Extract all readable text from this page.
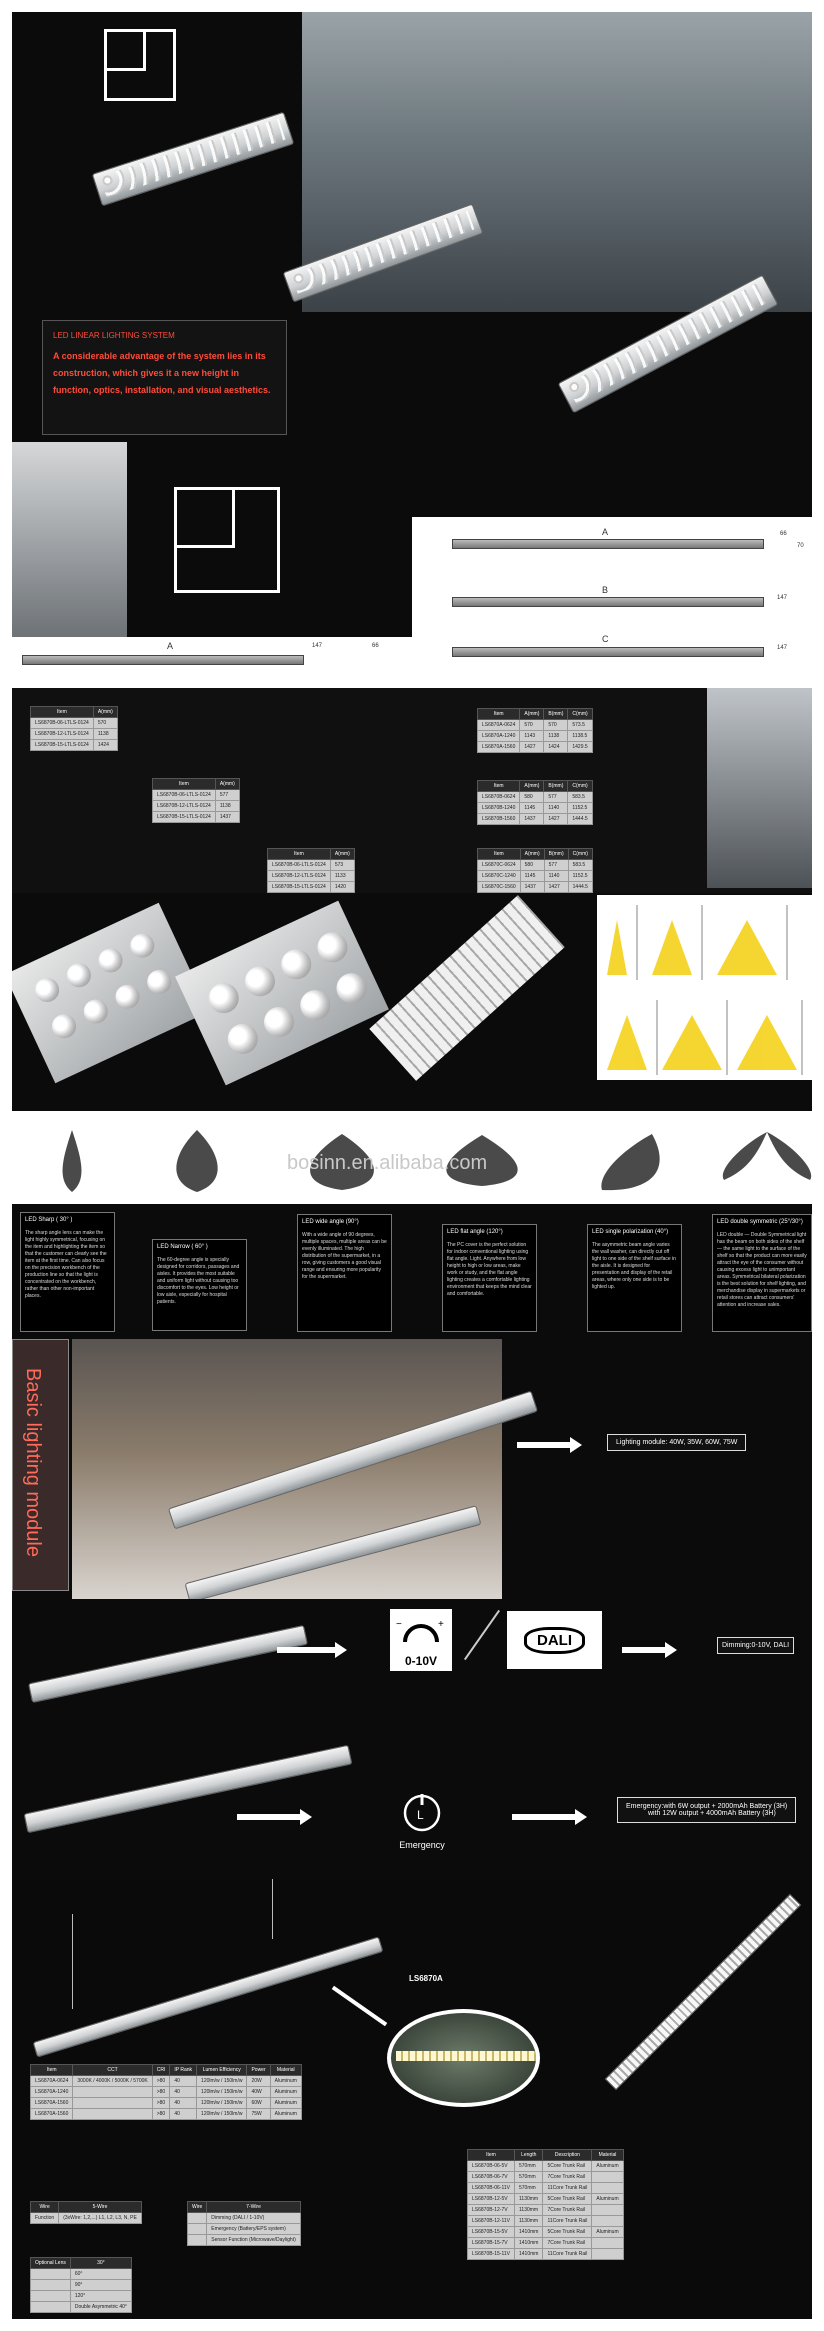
LED LINEAR LIGHTING SYSTEM
A considerable advantage of the system lies in its construction, which gives it a new height in function, optics, installation, and visual aesthetics.
A	66
147
A	66
70
B
147
C
147
Item	A(mm)
LS6870B-06-LTLS-0124	570
LS6870B-12-LTLS-0124	1138
LS6870B-15-LTLS-0124	1424
Item	A(mm)
LS6870B-06-LTLS-0124	577
LS6870B-12-LTLS-0124	1138
LS6870B-15-LTLS-0124	1437
Item	A(mm)
LS6870B-06-LTLS-0124	573
LS6870B-12-LTLS-0124	1133
LS6870B-15-LTLS-0124	1420
Item	A(mm)	B(mm)	C(mm)
LS6870A-0624	570	570	573.5
LS6870A-1240	1143	1138	1138.5
LS6870A-1560	1427	1424	1429.5
Item	A(mm)	B(mm)	C(mm)
LS6870B-0624	580	577	583.5
LS6870B-1240	1145	1140	1152.5
LS6870B-1560	1437	1427	1444.5
Item	A(mm)	B(mm)	C(mm)
LS6870C-0624	580	577	583.5
LS6870C-1240	1145	1140	1152.5
LS6870C-1560	1437	1427	1444.5
bosinn.en.alibaba.com
LED Sharp ( 30° )
The sharp angle lens can make the light highly symmetrical, focusing on the item and highlighting the item so that the customer can clearly see the item at the first time. Can also focus on the precision workbench of the production line so that the light is concentrated on the workbench, rather than other non-important places.
LED Narrow ( 60° )
The 60-degree angle is specially designed for corridors, passages and aisles. It provides the most suitable and uniform light without causing too discomfort to the eyes. Low height or low aisle, especially for hospital patients.
LED wide angle (90°)
With a wide angle of 90 degrees, multiple spaces, multiple areas can be evenly illuminated. The high distribution of the supermarket, in a row, giving customers a good visual range and ensuring more popularity for the supermarket.
LED flat angle (120°)
The PC cover is the perfect solution for indoor conventional lighting using flat angle. Light. Anywhere from low height to high or low areas, make work or study, and the flat angle lighting creates a comfortable lighting environment that keeps the mind clear and comfortable.
LED single polarization (40°)
The asymmetric beam angle varies the wall washer, can directly cut off light to one side of the shelf surface in the aisle. It is designed for presentation and display of the retail areas, where only one side is to be lighted up.
LED double symmetric (25°/30°)
LED double — Double Symmetrical light has the beam on both sides of the shelf — the same light to the surface of the shelf so that the product can more easily attract the eye of the consumer without causing excess light to unimportant areas. Symmetrical bilateral polarization is the best solution for shelf lighting, and merchandise display in supermarkets or retail stores can attract consumers' attention and increase sales.
Basic lighting module	Lighting module: 40W, 35W, 60W, 75W
−	+
0-10V
DALI	Dimming:0-10V, DALI
L
Emergency
Emergency:with 6W output + 2000mAh Battery (3H)
with 12W output + 4000mAh Battery (3H)
LS6870A
Item	CCT	CRI	IP Rank	Lumen Efficiency	Power	Material
LS6870A-0624	3000K / 4000K / 5000K / 5700K	>80	40	120lm/w / 150lm/w	20W	Aluminum
LS6870A-1240		>80	40	120lm/w / 150lm/w	40W	Aluminum
LS6870A-1560		>80	40	120lm/w / 150lm/w	60W	Aluminum
LS6870A-1560		>80	40	120lm/w / 150lm/w	75W	Aluminum
Wire	5-Wire
Function	(3xWire: 1,2,...) L1, L2, L3, N, PE
Wire	7-Wire
	Dimming (DALI / 1-10V)
	Emergency (Battery/EPS system)
	Sensor Function (Microwave/Daylight)
Optional Lens	30°
	60°
	90°
	120°
	Double Asymmetric 40°
Item	Length	Description	Material
LS6870B-06-5V	570mm	5Core Trunk Rail	Aluminum
LS6870B-06-7V	570mm	7Core Trunk Rail	
LS6870B-06-11V	570mm	11Core Trunk Rail	
LS6870B-12-5V	1130mm	5Core Trunk Rail	Aluminum
LS6870B-12-7V	1130mm	7Core Trunk Rail	
LS6870B-12-11V	1130mm	11Core Trunk Rail	
LS6870B-15-5V	1410mm	5Core Trunk Rail	Aluminum
LS6870B-15-7V	1410mm	7Core Trunk Rail	
LS6870B-15-11V	1410mm	11Core Trunk Rail	
